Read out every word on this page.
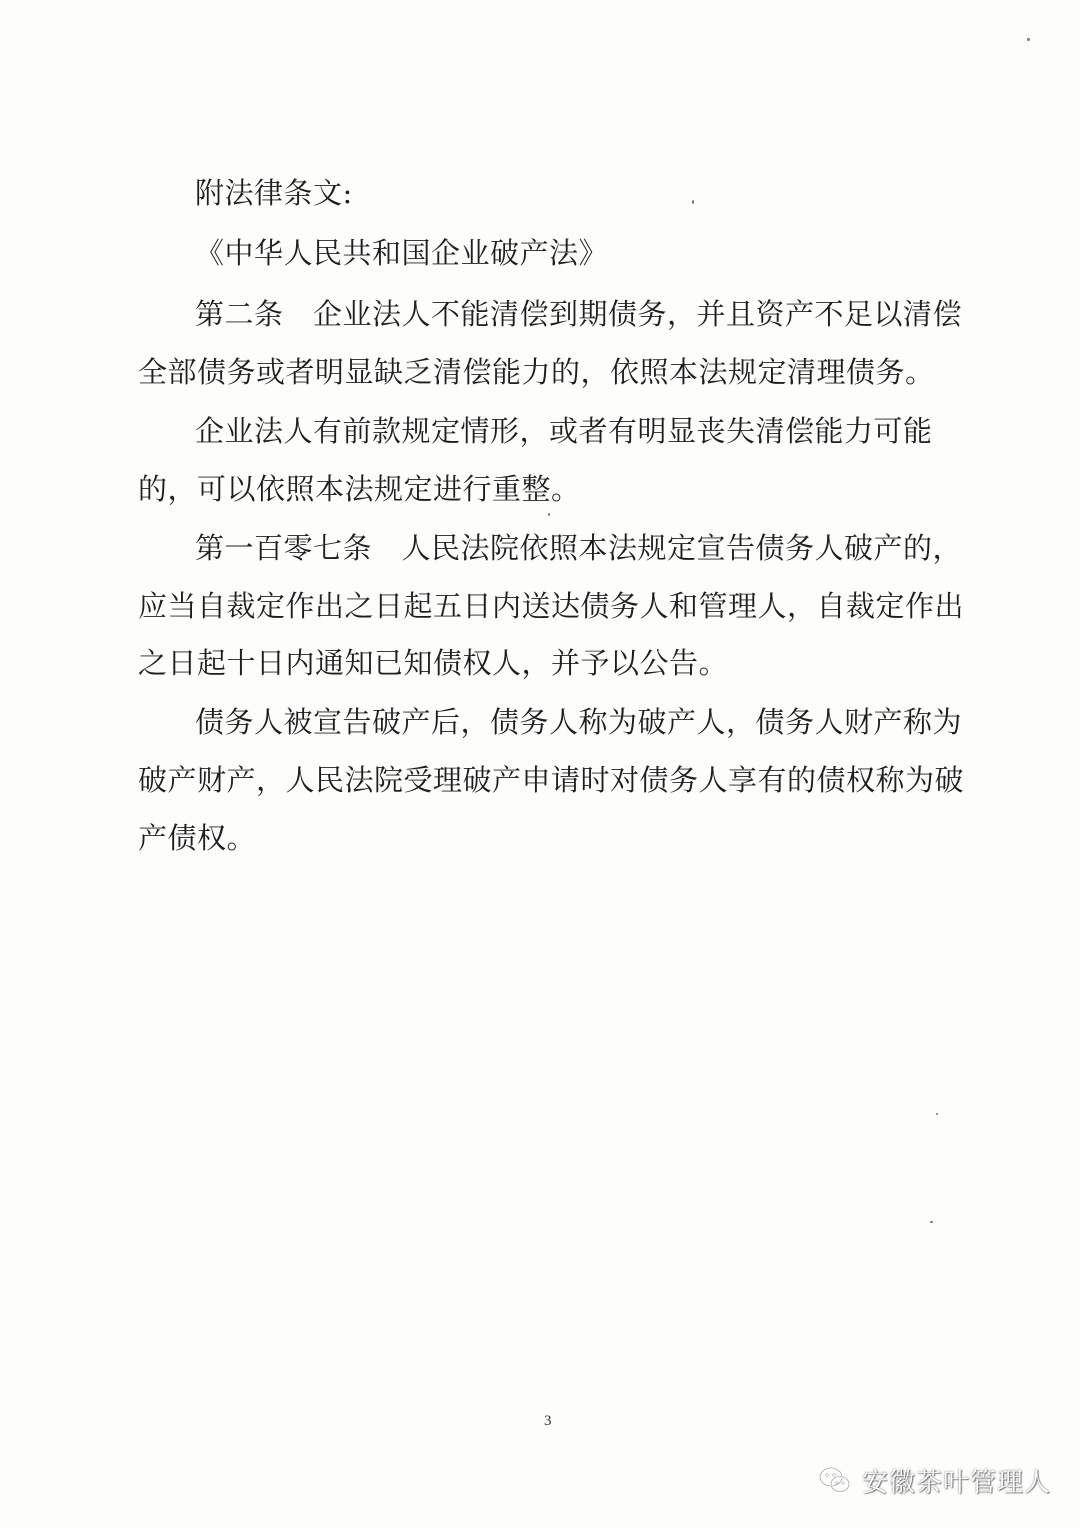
附法律条文:
《中华人民共和国企业破产法》
第二条　企业法人不能清偿到期债务，并且资产不足以清偿
全部债务或者明显缺乏清偿能力的，依照本法规定清理债务。
企业法人有前款规定情形，或者有明显丧失清偿能力可能
的，可以依照本法规定进行重整。
第一百零七条　人民法院依照本法规定宣告债务人破产的，
应当自裁定作出之日起五日内送达债务人和管理人，自裁定作出
之日起十日内通知已知债权人，并予以公告。
债务人被宣告破产后，债务人称为破产人，债务人财产称为
破产财产，人民法院受理破产申请时对债务人享有的债权称为破
产债权。
3
安徽茶叶管理人
